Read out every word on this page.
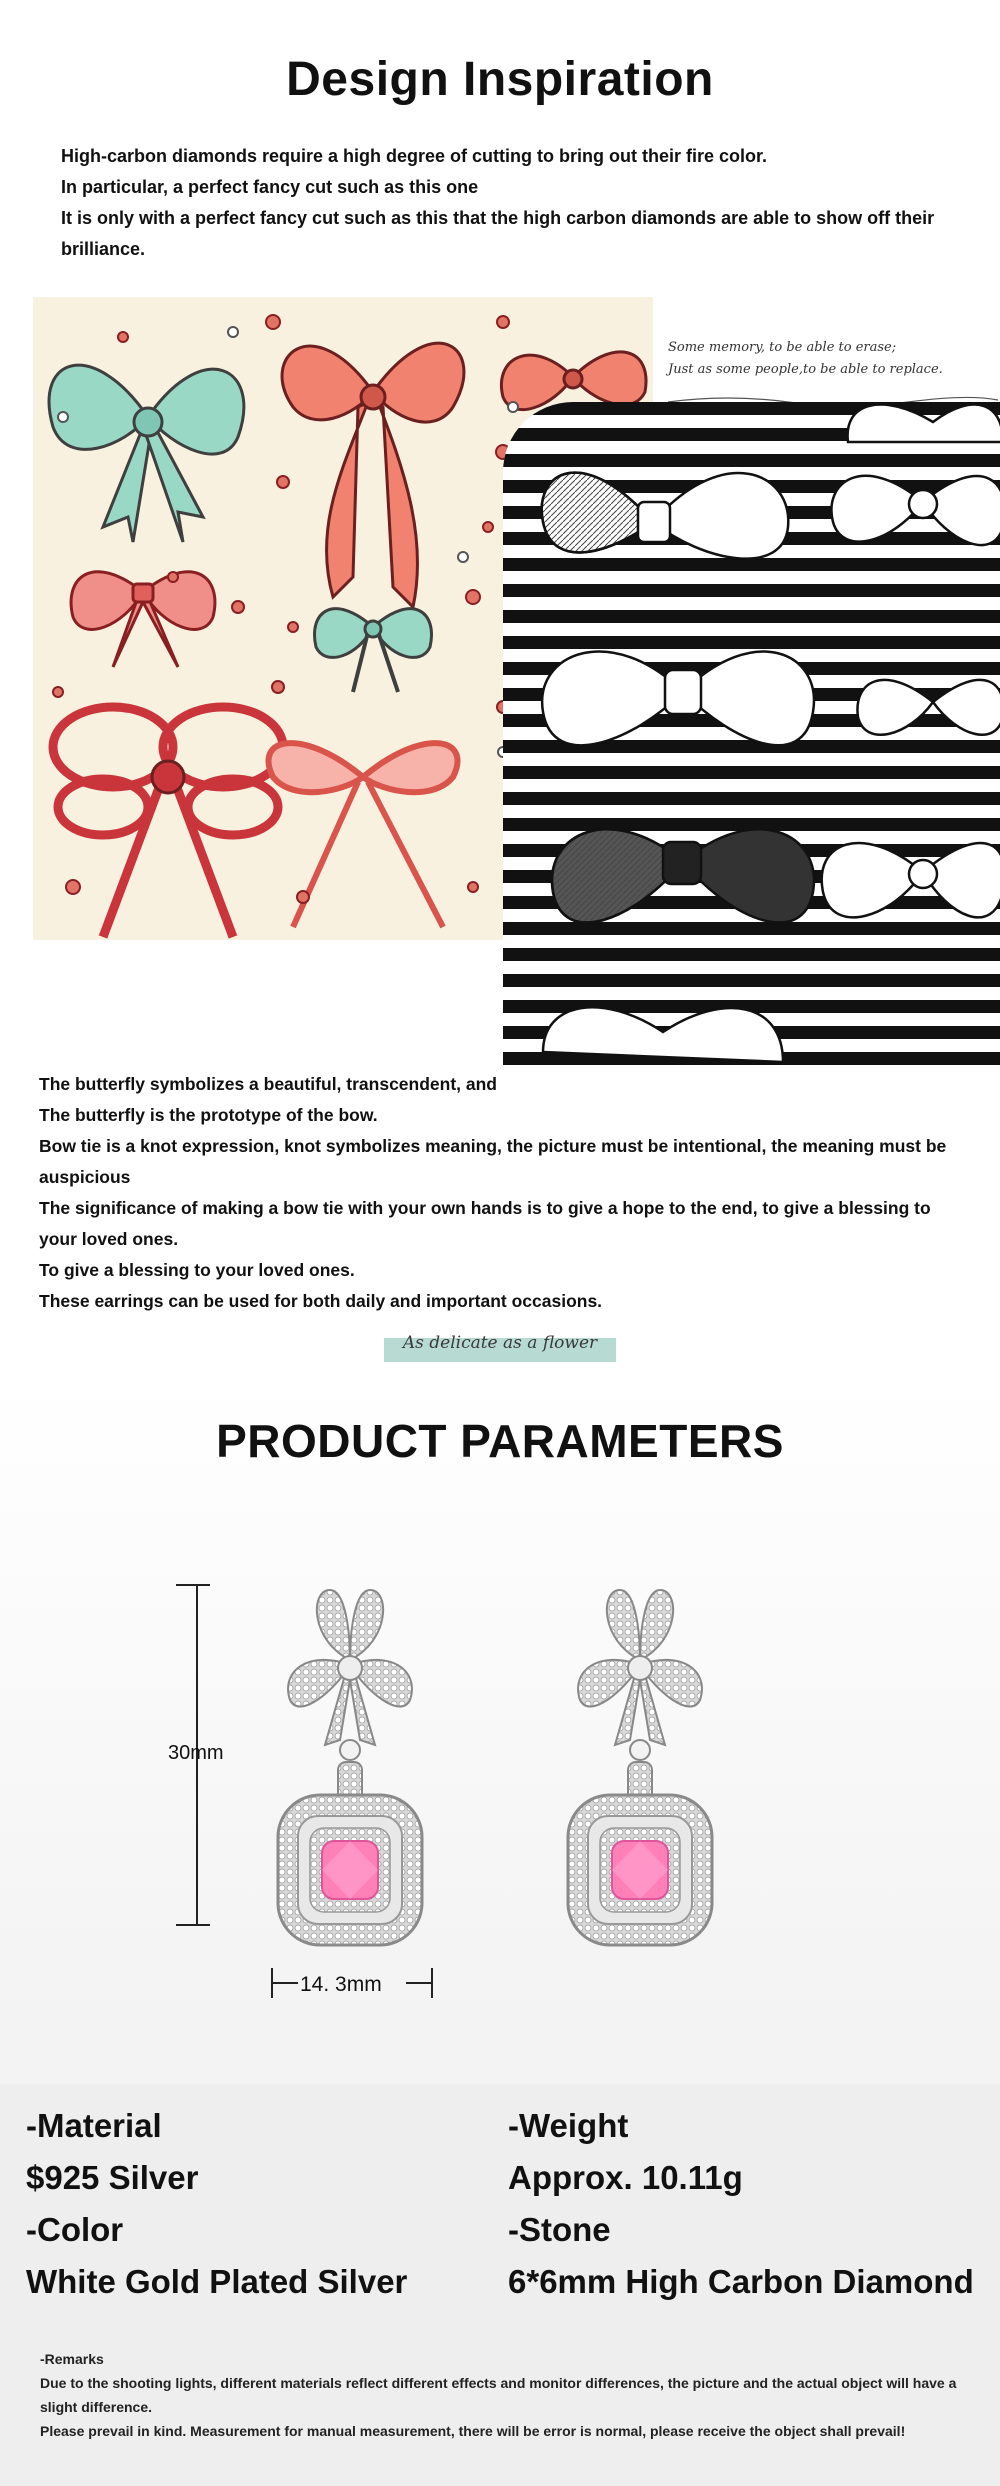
Design Inspiration
High-carbon diamonds require a high degree of cutting to bring out their fire color.
In particular, a perfect fancy cut such as this one
It is only with a perfect fancy cut such as this that the high carbon diamonds are able to show off their
brilliance.
Some memory, to be able to erase;
Just as some people,to be able to replace.
The butterfly symbolizes a beautiful, transcendent, and
The butterfly is the prototype of the bow.
Bow tie is a knot expression, knot symbolizes meaning, the picture must be intentional, the meaning must be
auspicious
The significance of making a bow tie with your own hands is to give a hope to the end, to give a blessing to
your loved ones.
To give a blessing to your loved ones.
These earrings can be used for both daily and important occasions.
As delicate as a flower
PRODUCT PARAMETERS
30mm
14. 3mm
-Material
$925 Silver
-Color
White Gold Plated Silver
-Weight
Approx. 10.11g
-Stone
6*6mm High Carbon Diamond
-Remarks
Due to the shooting lights, different materials reflect different effects and monitor differences, the picture and the actual object will have a
slight difference.
Please prevail in kind. Measurement for manual measurement, there will be error is normal, please receive the object shall prevail!
